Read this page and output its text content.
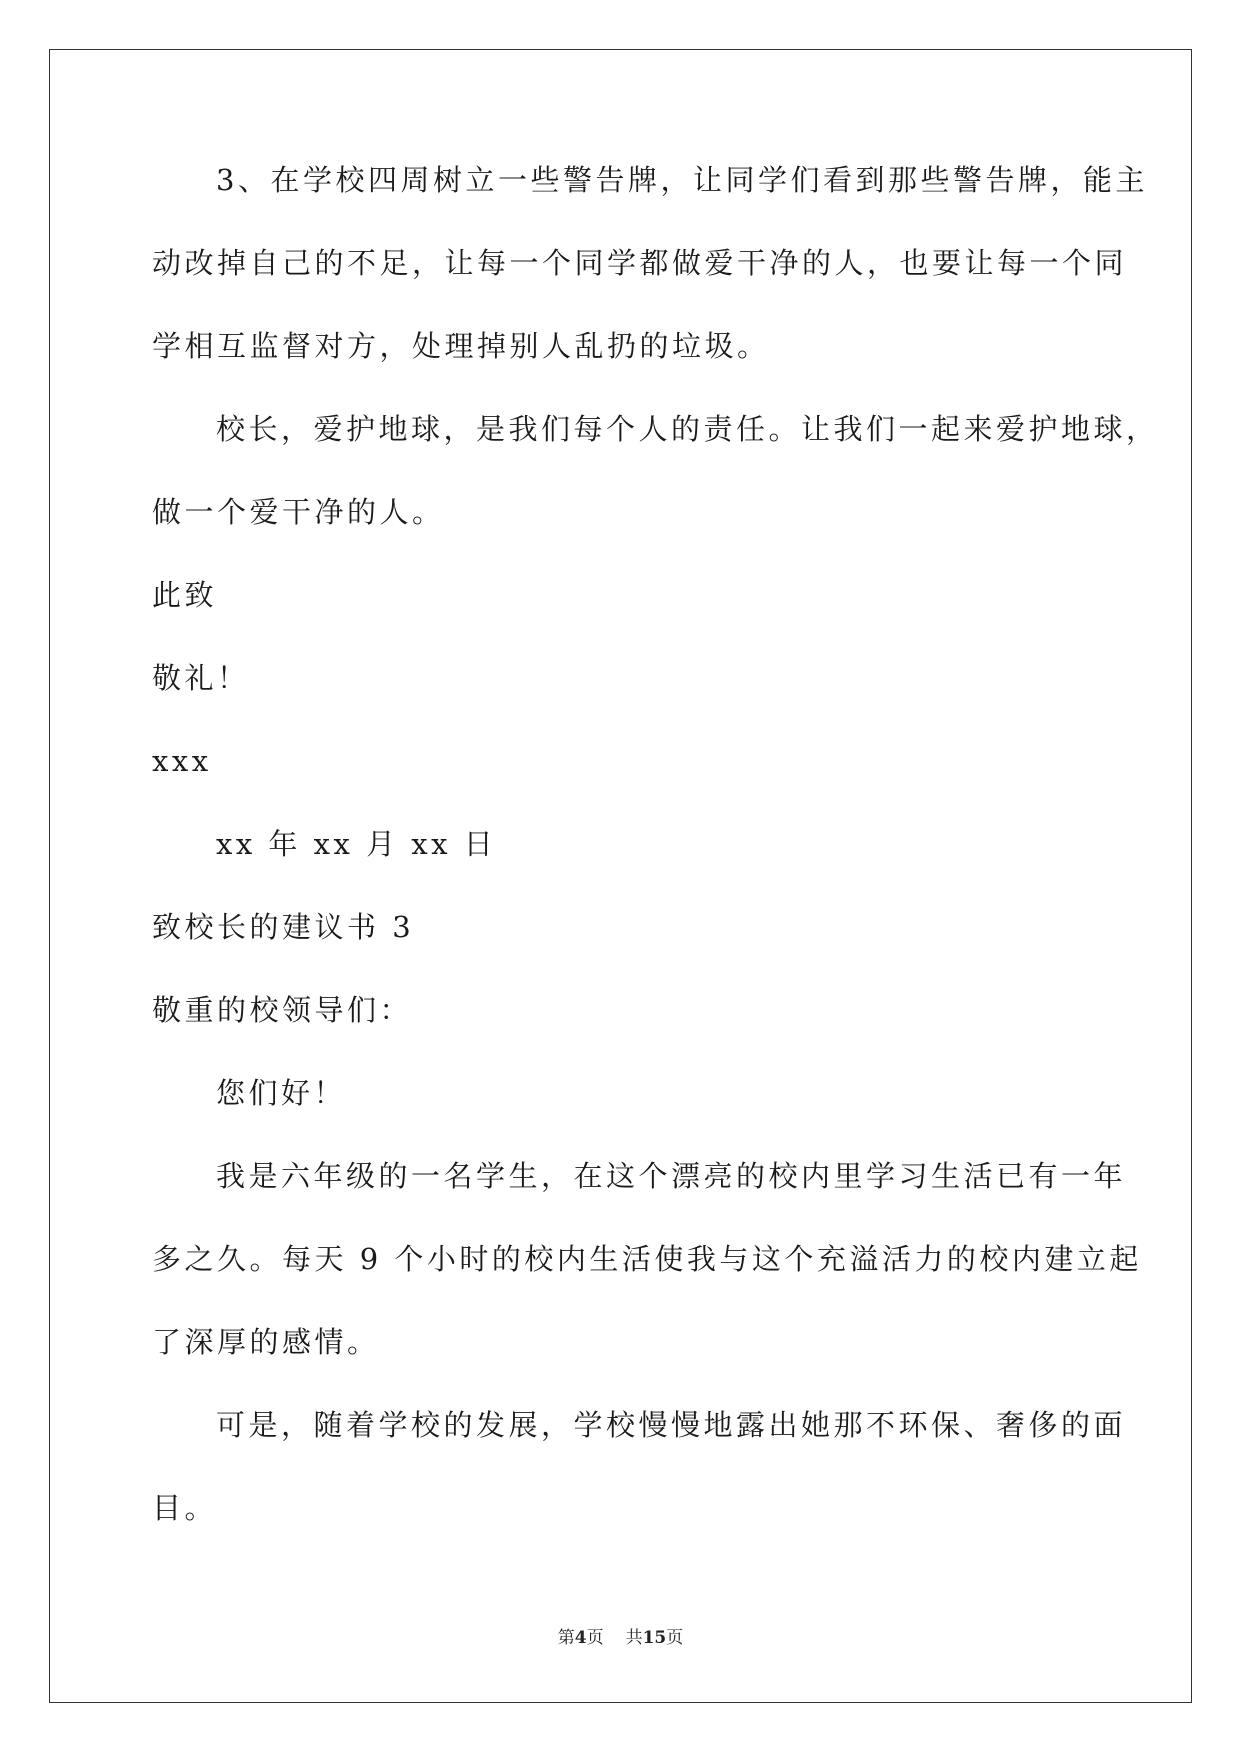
3、在学校四周树立一些警告牌，让同学们看到那些警告牌，能主
动改掉自己的不足，让每一个同学都做爱干净的人，也要让每一个同
学相互监督对方，处理掉别人乱扔的垃圾。
校长，爱护地球，是我们每个人的责任。让我们一起来爱护地球，
做一个爱干净的人。
此致
敬礼！
xxx
xx 年 xx 月 xx 日
致校长的建议书 3
敬重的校领导们：
您们好！
我是六年级的一名学生，在这个漂亮的校内里学习生活已有一年
多之久。每天 9 个小时的校内生活使我与这个充溢活力的校内建立起
了深厚的感情。
可是，随着学校的发展，学校慢慢地露出她那不环保、奢侈的面
目。
第4页 共15页
